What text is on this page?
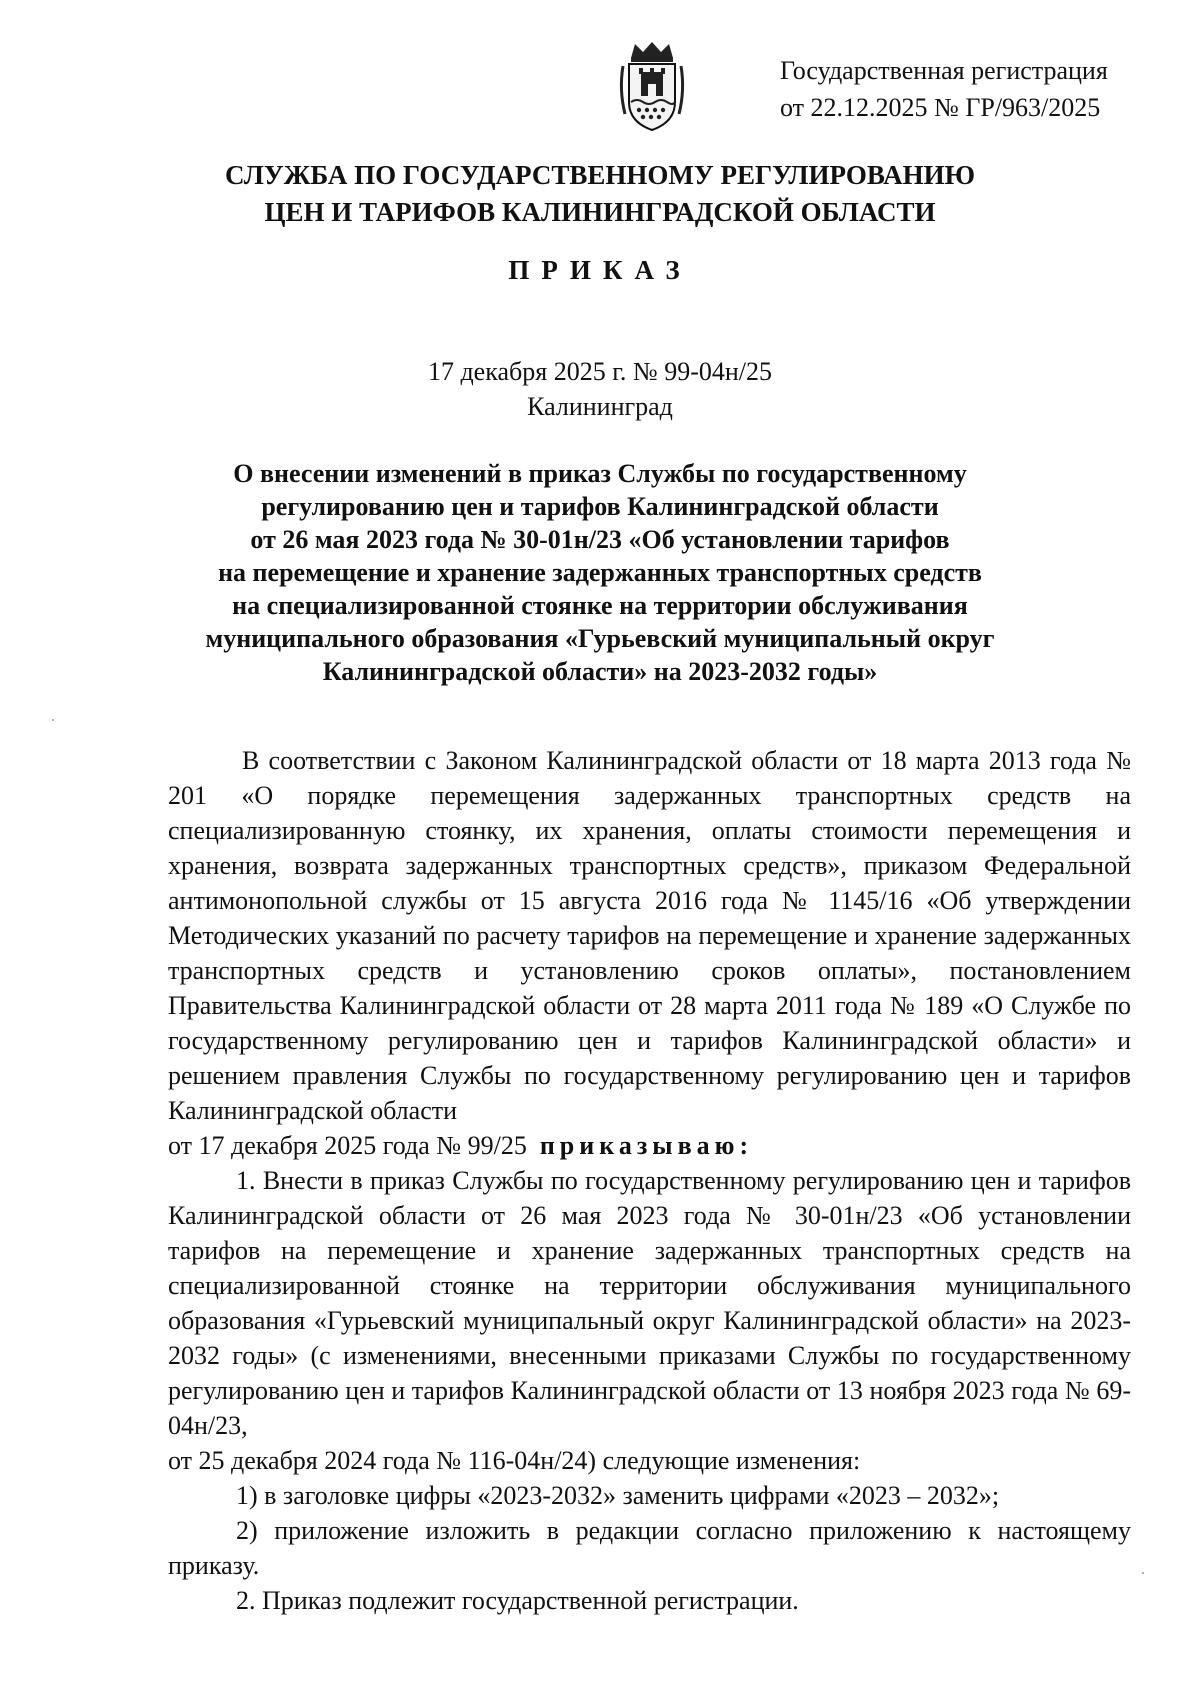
Государственная регистрация
от 22.12.2025 № ГР/963/2025
СЛУЖБА ПО ГОСУДАРСТВЕННОМУ РЕГУЛИРОВАНИЮ
ЦЕН И ТАРИФОВ КАЛИНИНГРАДСКОЙ ОБЛАСТИ
ПРИКАЗ
17 декабря 2025 г. № 99-04н/25
Калининград
О внесении изменений в приказ Службы по государственному
регулированию цен и тарифов Калининградской области
от 26 мая 2023 года № 30-01н/23 «Об установлении тарифов
на перемещение и хранение задержанных транспортных средств
на специализированной стоянке на территории обслуживания
муниципального образования «Гурьевский муниципальный округ
Калининградской области» на 2023-2032 годы»

В соответствии с Законом Калининградской области от 18 марта 2013 года № 201 «О порядке перемещения задержанных транспортных средств на специализированную стоянку, их хранения, оплаты стоимости перемещения и хранения, возврата задержанных транспортных средств», приказом Федеральной антимонопольной службы от 15 августа 2016 года № 1145/16 «Об утверждении Методических указаний по расчету тарифов на перемещение и хранение задержанных транспортных средств и установлению сроков оплаты», постановлением Правительства Калининградской области от 28 марта 2011 года № 189 «О Службе по государственному регулированию цен и тарифов Калининградской области» и решением правления Службы по государственному регулированию цен и тарифов Калининградской области

от 17 декабря 2025 года № 99/25 приказываю:

1. Внести в приказ Службы по государственному регулированию цен и тарифов Калининградской области от 26 мая 2023 года № 30-01н/23 «Об установлении тарифов на перемещение и хранение задержанных транспортных средств на специализированной стоянке на территории обслуживания муниципального образования «Гурьевский муниципальный округ Калининградской области» на 2023-2032 годы» (с изменениями, внесенными приказами Службы по государственному регулированию цен и тарифов Калининградской области от 13 ноября 2023 года № 69-04н/23,

от 25 декабря 2024 года № 116-04н/24) следующие изменения:

1) в заголовке цифры «2023-2032» заменить цифрами «2023 – 2032»;

2) приложение изложить в редакции согласно приложению к настоящему приказу.

2. Приказ подлежит государственной регистрации.
